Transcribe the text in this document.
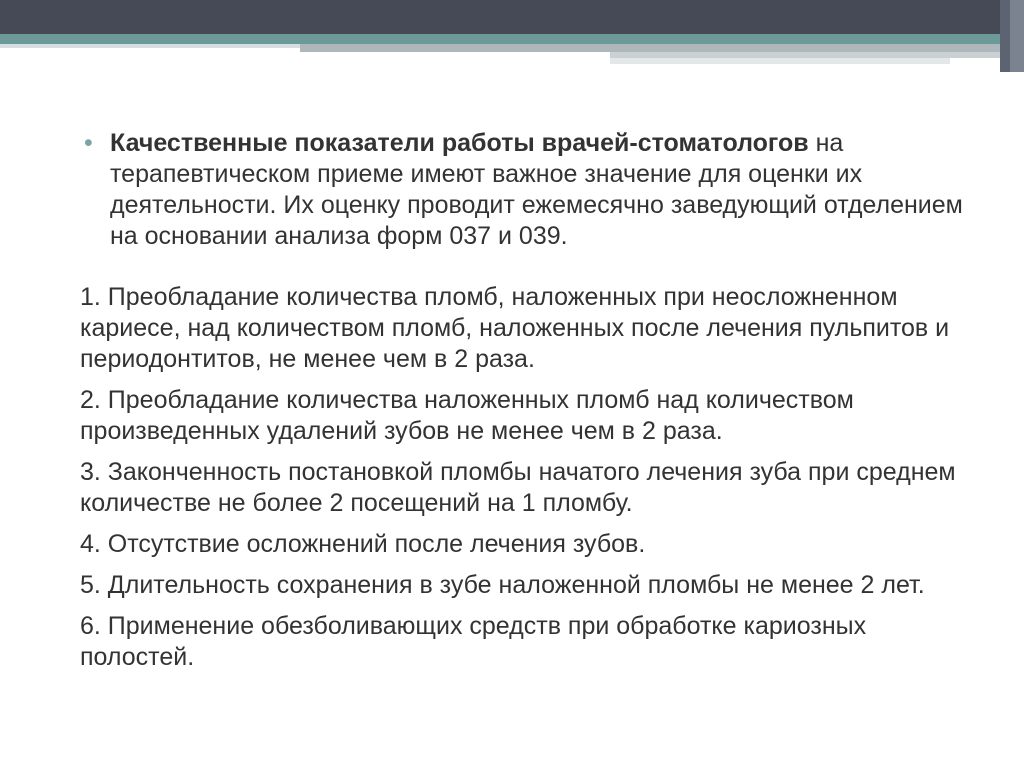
• Качественные показатели работы врачей-стоматологов на терапевтическом приеме имеют важное значение для оценки их деятельности. Их оценку проводит ежемесячно заведующий отделением на основании анализа форм 037 и 039.

1. Преобладание количества пломб, наложенных при неосложненном кариесе, над количеством пломб, наложенных после лечения пульпитов и периодонтитов, не менее чем в 2 раза.
2. Преобладание количества наложенных пломб над количеством произведенных удалений зубов не менее чем в 2 раза.
3. Законченность постановкой пломбы начатого лечения зуба при среднем количестве не более 2 посещений на 1 пломбу.
4. Отсутствие осложнений после лечения зубов.
5. Длительность сохранения в зубе наложенной пломбы не менее 2 лет.
6. Применение обезболивающих средств при обработке кариозных полостей.
